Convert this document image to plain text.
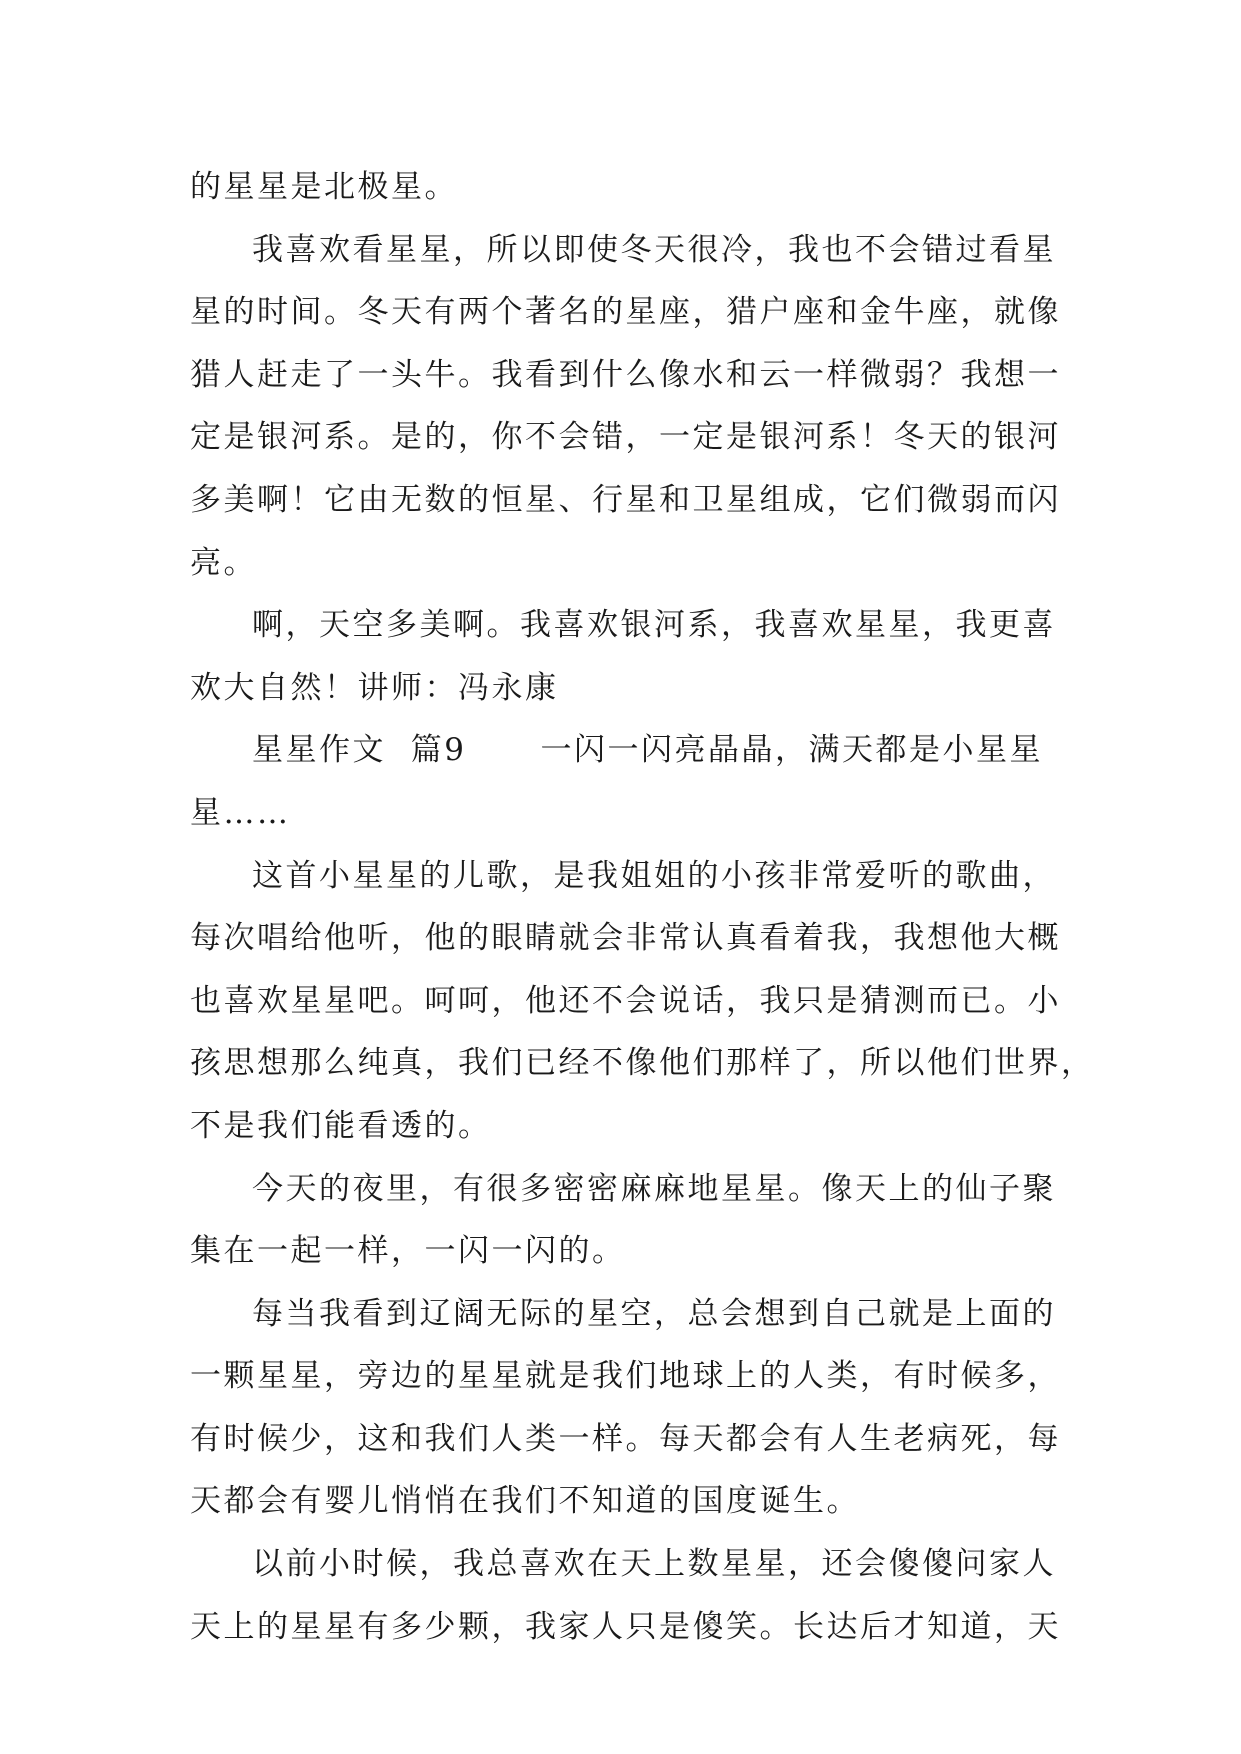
的星星是北极星。
我喜欢看星星，所以即使冬天很冷，我也不会错过看星
星的时间。冬天有两个著名的星座，猎户座和金牛座，就像
猎人赶走了一头牛。我看到什么像水和云一样微弱？我想一
定是银河系。是的，你不会错，一定是银河系！冬天的银河
多美啊！它由无数的恒星、行星和卫星组成，它们微弱而闪
亮。
啊，天空多美啊。我喜欢银河系，我喜欢星星，我更喜
欢大自然！讲师：冯永康
星星作文  篇9      一闪一闪亮晶晶，满天都是小星星
星……
这首小星星的儿歌，是我姐姐的小孩非常爱听的歌曲，
每次唱给他听，他的眼睛就会非常认真看着我，我想他大概
也喜欢星星吧。呵呵，他还不会说话，我只是猜测而已。小
孩思想那么纯真，我们已经不像他们那样了，所以他们世界，
不是我们能看透的。
今天的夜里，有很多密密麻麻地星星。像天上的仙子聚
集在一起一样，一闪一闪的。
每当我看到辽阔无际的星空，总会想到自己就是上面的
一颗星星，旁边的星星就是我们地球上的人类，有时候多，
有时候少，这和我们人类一样。每天都会有人生老病死，每
天都会有婴儿悄悄在我们不知道的国度诞生。
以前小时候，我总喜欢在天上数星星，还会傻傻问家人
天上的星星有多少颗，我家人只是傻笑。长达后才知道，天
